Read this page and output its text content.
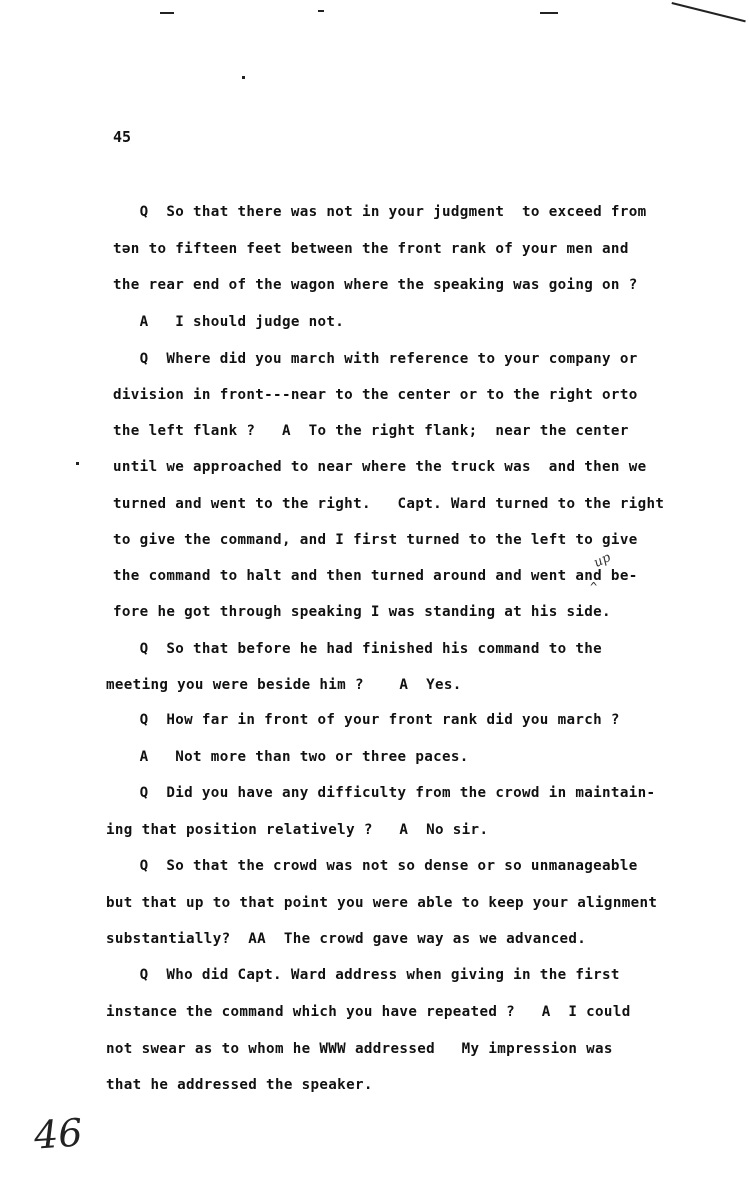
45
Q  So that there was not in your judgment  to exceed from
tən to fifteen feet between the front rank of your men and
the rear end of the wagon where the speaking was going on ?
A   I should judge not.
Q  Where did you march with reference to your company or
division in front---near to the center or to the right orto
the left flank ?   A  To the right flank;  near the center
until we approached to near where the truck was  and then we
turned and went to the right.   Capt. Ward turned to the right
to give the command, and I first turned to the left to give
the command to halt and then turned around and went and be-
fore he got through speaking I was standing at his side.
Q  So that before he had finished his command to the
meeting you were beside him ?    A  Yes.
Q  How far in front of your front rank did you march ?
A   Not more than two or three paces.
Q  Did you have any difficulty from the crowd in maintain-
ing that position relatively ?   A  No sir.
Q  So that the crowd was not so dense or so unmanageable
but that up to that point you were able to keep your alignment
substantially?  AA  The crowd gave way as we advanced.
Q  Who did Capt. Ward address when giving in the first
instance the command which you have repeated ?   A  I could
not swear as to whom he WWW addressed   My impression was
that he addressed the speaker.
up
^
46
